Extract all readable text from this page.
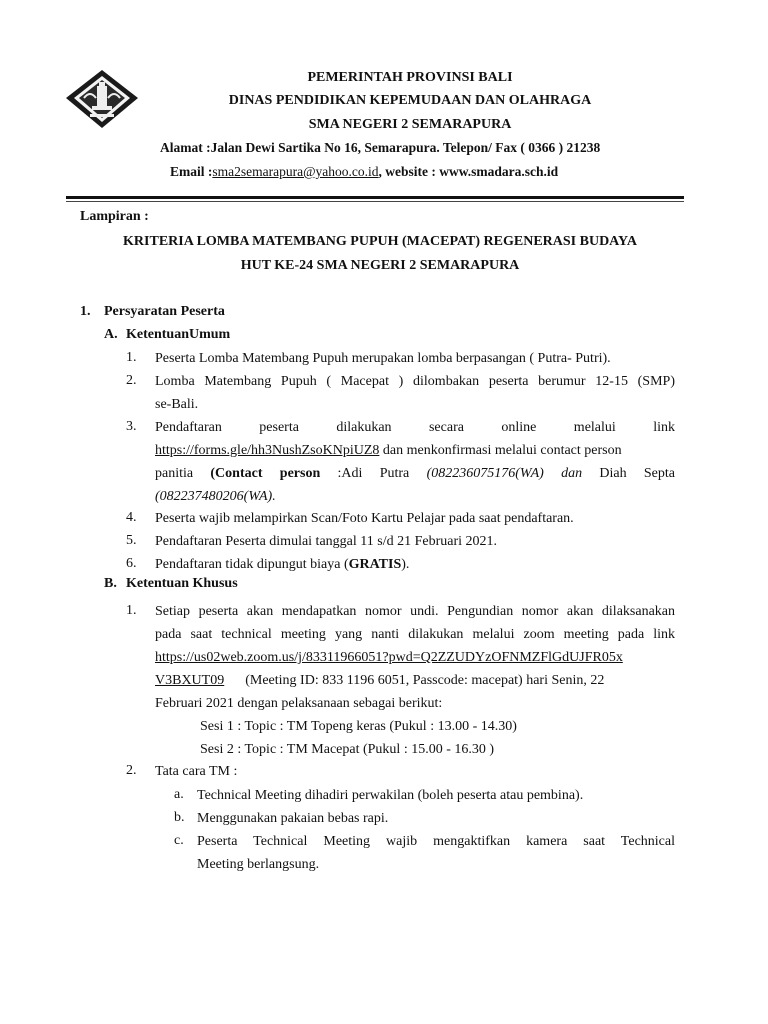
PEMERINTAH PROVINSI BALI
DINAS PENDIDIKAN KEPEMUDAAN DAN OLAHRAGA
SMA NEGERI 2 SEMARAPURA
Alamat :Jalan Dewi Sartika No 16, Semarapura. Telepon/ Fax ( 0366 ) 21238
Email :sma2semarapura@yahoo.co.id, website : www.smadara.sch.id
Lampiran :
KRITERIA LOMBA MATEMBANG PUPUH (MACEPAT) REGENERASI BUDAYA
HUT KE-24 SMA NEGERI 2 SEMARAPURA
1. Persyaratan Peserta
A. KetentuanUmum
1. Peserta Lomba Matembang Pupuh merupakan lomba berpasangan ( Putra- Putri).
2. Lomba Matembang Pupuh ( Macepat ) dilombakan peserta berumur 12-15 (SMP)
se-Bali.
3. Pendaftaran peserta dilakukan secara online melalui link
https://forms.gle/hh3NushZsoKNpiUZ8 dan menkonfirmasi melalui contact person
panitia (Contact person :Adi Putra (082236075176(WA) dan Diah Septa
(082237480206(WA).
4. Peserta wajib melampirkan Scan/Foto Kartu Pelajar pada saat pendaftaran.
5. Pendaftaran Peserta dimulai tanggal 11 s/d 21 Februari 2021.
6. Pendaftaran tidak dipungut biaya (GRATIS).
B. Ketentuan Khusus
1. Setiap peserta akan mendapatkan nomor undi. Pengundian nomor akan dilaksanakan
pada saat technical meeting yang nanti dilakukan melalui zoom meeting pada link
https://us02web.zoom.us/j/83311966051?pwd=Q2ZZUDYzOFNMZFlGdUJFR05x
V3BXUT09 (Meeting ID: 833 1196 6051, Passcode: macepat) hari Senin, 22
Februari 2021 dengan pelaksanaan sebagai berikut:
Sesi 1 : Topic : TM Topeng keras (Pukul : 13.00 - 14.30)
Sesi 2 : Topic : TM Macepat (Pukul : 15.00 - 16.30 )
2. Tata cara TM :
a. Technical Meeting dihadiri perwakilan (boleh peserta atau pembina).
b. Menggunakan pakaian bebas rapi.
c. Peserta Technical Meeting wajib mengaktifkan kamera saat Technical
Meeting berlangsung.
